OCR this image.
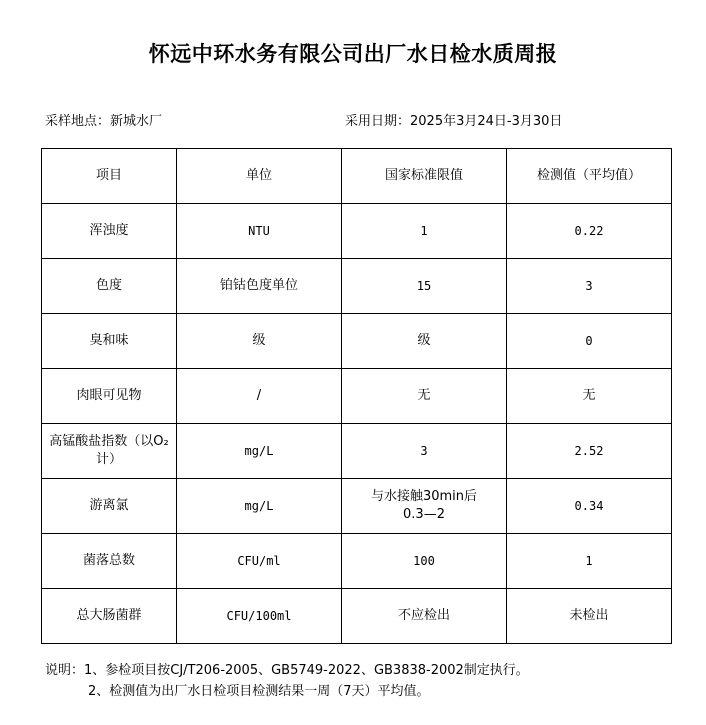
怀远中环水务有限公司出厂水日检水质周报
采样地点：新城水厂	采用日期：2025年3月24日-3月30日
项目	单位	国家标准限值	检测值（平均值）
浑浊度	NTU	1	0.22
色度	铂钴色度单位	15	3
臭和味	级	级	0
肉眼可见物	/	无	无
高锰酸盐指数（以O₂计）	mg/L	3	2.52
游离氯	mg/L	与水接触30min后0.3—2	0.34
菌落总数	CFU/ml	100	1
总大肠菌群	CFU/100ml	不应检出	未检出
说明：1、参检项目按CJ/T206-2005、GB5749-2022、GB3838-2002制定执行。
2、检测值为出厂水日检项目检测结果一周（7天）平均值。
